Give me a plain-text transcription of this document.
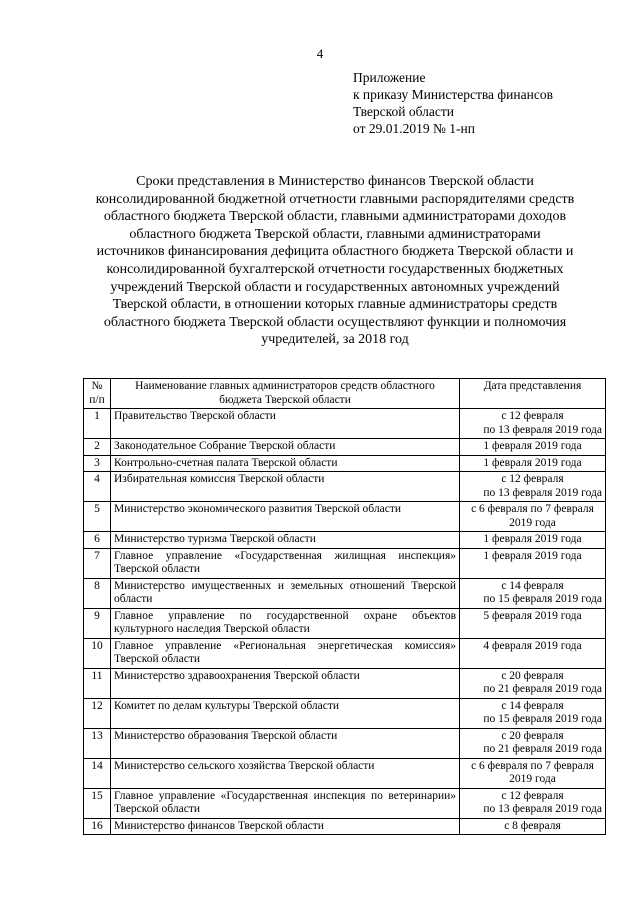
4
Приложение
к приказу Министерства финансов
Тверской области
от 29.01.2019 № 1-нп
Сроки представления в Министерство финансов Тверской области
консолидированной бюджетной отчетности главными распорядителями средств
областного бюджета Тверской области, главными администраторами доходов
областного бюджета Тверской области, главными администраторами
источников финансирования дефицита областного бюджета Тверской области и
консолидированной бухгалтерской отчетности государственных бюджетных
учреждений Тверской области и государственных автономных учреждений
Тверской области, в отношении которых главные администраторы средств
областного бюджета Тверской области осуществляют функции и полномочия
учредителей, за 2018 год
№ п/п	Наименование главных администраторов средств областного бюджета Тверской области	Дата представления
1	Правительство Тверской области	с 12 февраля
по 13 февраля 2019 года

2	Законодательное Собрание Тверской области	1 февраля 2019 года
3	Контрольно-счетная палата Тверской области	1 февраля 2019 года
4	Избирательная комиссия Тверской области	с 12 февраля
по 13 февраля 2019 года

5	Министерство экономического развития Тверской области	с 6 февраля по 7 февраля 2019 года
6	Министерство туризма Тверской области	1 февраля 2019 года
7	Главное управление «Государственная жилищная инспекция» Тверской области	1 февраля 2019 года
8	Министерство имущественных и земельных отношений Тверской области	с 14 февраля
по 15 февраля 2019 года

9	Главное управление по государственной охране объектов культурного наследия Тверской области	5 февраля 2019 года
10	Главное управление «Региональная энергетическая комиссия» Тверской области	4 февраля 2019 года
11	Министерство здравоохранения Тверской области	с 20 февраля
по 21 февраля 2019 года

12	Комитет по делам культуры Тверской области	с 14 февраля
по 15 февраля 2019 года

13	Министерство образования Тверской области	с 20 февраля
по 21 февраля 2019 года

14	Министерство сельского хозяйства Тверской области	с 6 февраля по 7 февраля 2019 года
15	Главное управление «Государственная инспекция по ветеринарии» Тверской области	с 12 февраля
по 13 февраля 2019 года

16	Министерство финансов Тверской области	с 8 февраля
